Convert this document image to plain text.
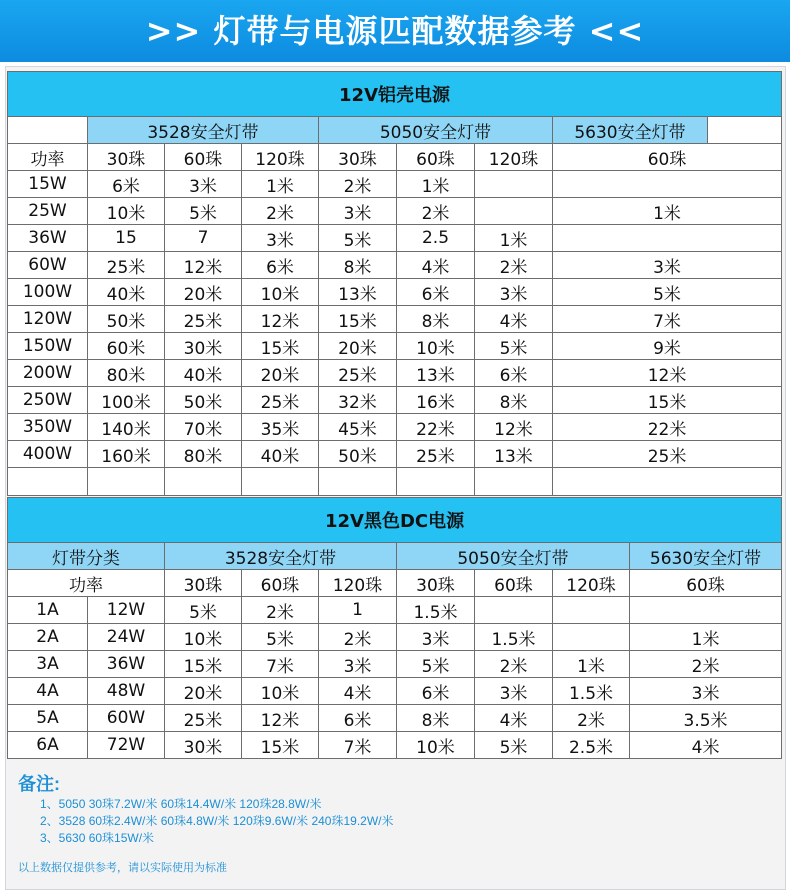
>> 灯带与电源匹配数据参考 <<
12V铝壳电源								
	3528安全灯带			5050安全灯带			5630安全灯带	
功率	30珠	60珠	120珠	30珠	60珠	120珠	60珠	
15W	6米	3米	1米	2米	1米			
25W	10米	5米	2米	3米	2米		1米	
36W	15	7	3米	5米	2.5	1米		
60W	25米	12米	6米	8米	4米	2米	3米	
100W	40米	20米	10米	13米	6米	3米	5米	
120W	50米	25米	12米	15米	8米	4米	7米	
150W	60米	30米	15米	20米	10米	5米	9米	
200W	80米	40米	20米	25米	13米	6米	12米	
250W	100米	50米	25米	32米	16米	8米	15米	
350W	140米	70米	35米	45米	22米	12米	22米	
400W	160米	80米	40米	50米	25米	13米	25米	

12V黑色DC电源								
灯带分类		3528安全灯带			5050安全灯带			5630安全灯带
功率		30珠	60珠	120珠	30珠	60珠	120珠	60珠
1A	12W	5米	2米	1	1.5米			
2A	24W	10米	5米	2米	3米	1.5米		1米
3A	36W	15米	7米	3米	5米	2米	1米	2米
4A	48W	20米	10米	4米	6米	3米	1.5米	3米
5A	60W	25米	12米	6米	8米	4米	2米	3.5米
6A	72W	30米	15米	7米	10米	5米	2.5米	4米
备注:
1、5050 30珠7.2W/米 60珠14.4W/米 120珠28.8W/米
2、3528 60珠2.4W/米 60珠4.8W/米 120珠9.6W/米 240珠19.2W/米
3、5630 60珠15W/米
以上数据仅提供参考，请以实际使用为标准
